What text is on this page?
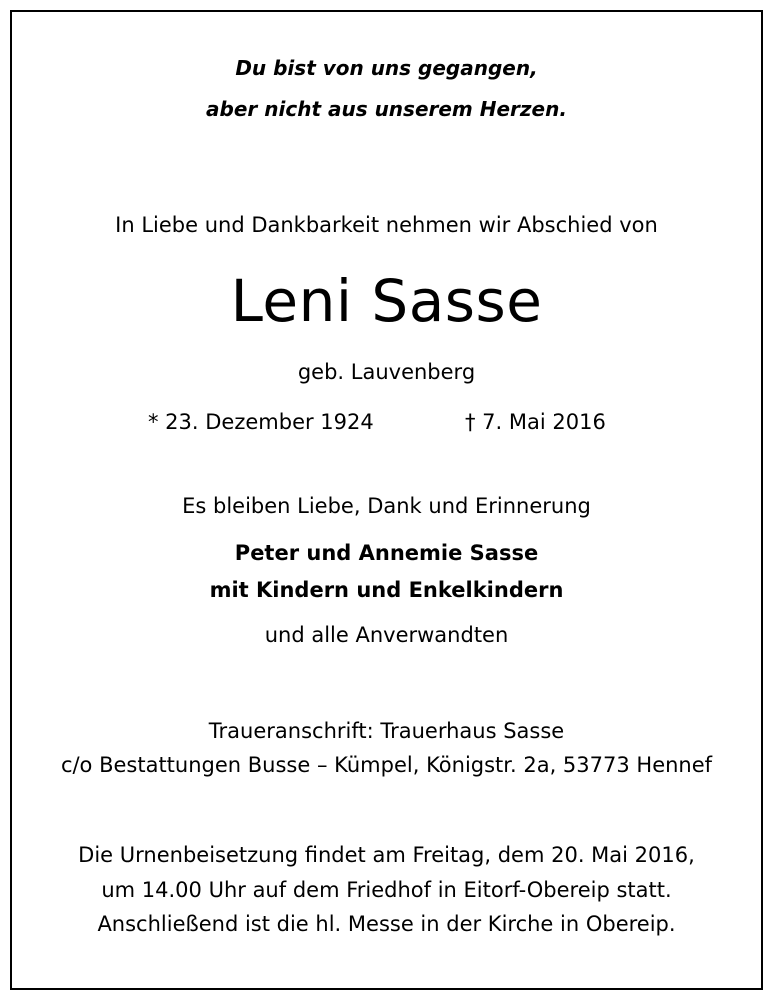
Du bist von uns gegangen,
aber nicht aus unserem Herzen.
In Liebe und Dankbarkeit nehmen wir Abschied von
Leni Sasse
geb. Lauvenberg
* 23. Dezember 1924	† 7. Mai 2016
Es bleiben Liebe, Dank und Erinnerung
Peter und Annemie Sasse
mit Kindern und Enkelkindern
und alle Anverwandten
Traueranschrift: Trauerhaus Sasse
c/o Bestattungen Busse – Kümpel, Königstr. 2a, 53773 Hennef
Die Urnenbeisetzung findet am Freitag, dem 20. Mai 2016,
um 14.00 Uhr auf dem Friedhof in Eitorf-Obereip statt.
Anschließend ist die hl. Messe in der Kirche in Obereip.
